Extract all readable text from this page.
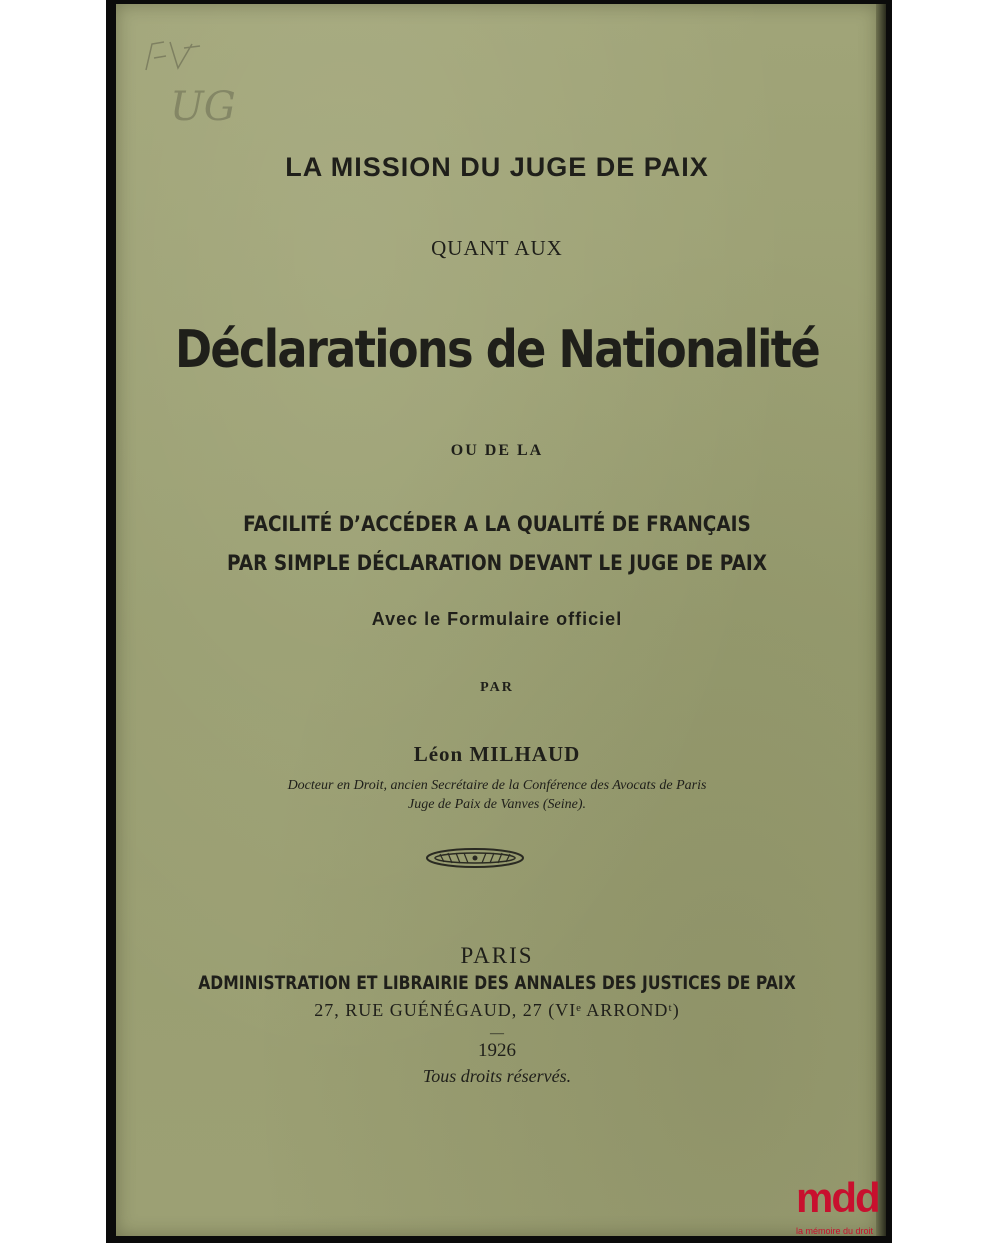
UG
LA MISSION DU JUGE DE PAIX
QUANT AUX
Déclarations de Nationalité
OU DE LA
FACILITÉ D’ACCÉDER A LA QUALITÉ DE FRANÇAIS
PAR SIMPLE DÉCLARATION DEVANT LE JUGE DE PAIX
Avec le Formulaire officiel
PAR
Léon MILHAUD
Docteur en Droit, ancien Secrétaire de la Conférence des Avocats de Paris
Juge de Paix de Vanves (Seine).
PARIS
ADMINISTRATION ET LIBRAIRIE DES ANNALES DES JUSTICES DE PAIX
27, RUE GUÉNÉGAUD, 27 (VIᵉ ARRONDᵗ)
—
1926
Tous droits réservés.
mdd
la mémoire du droit
